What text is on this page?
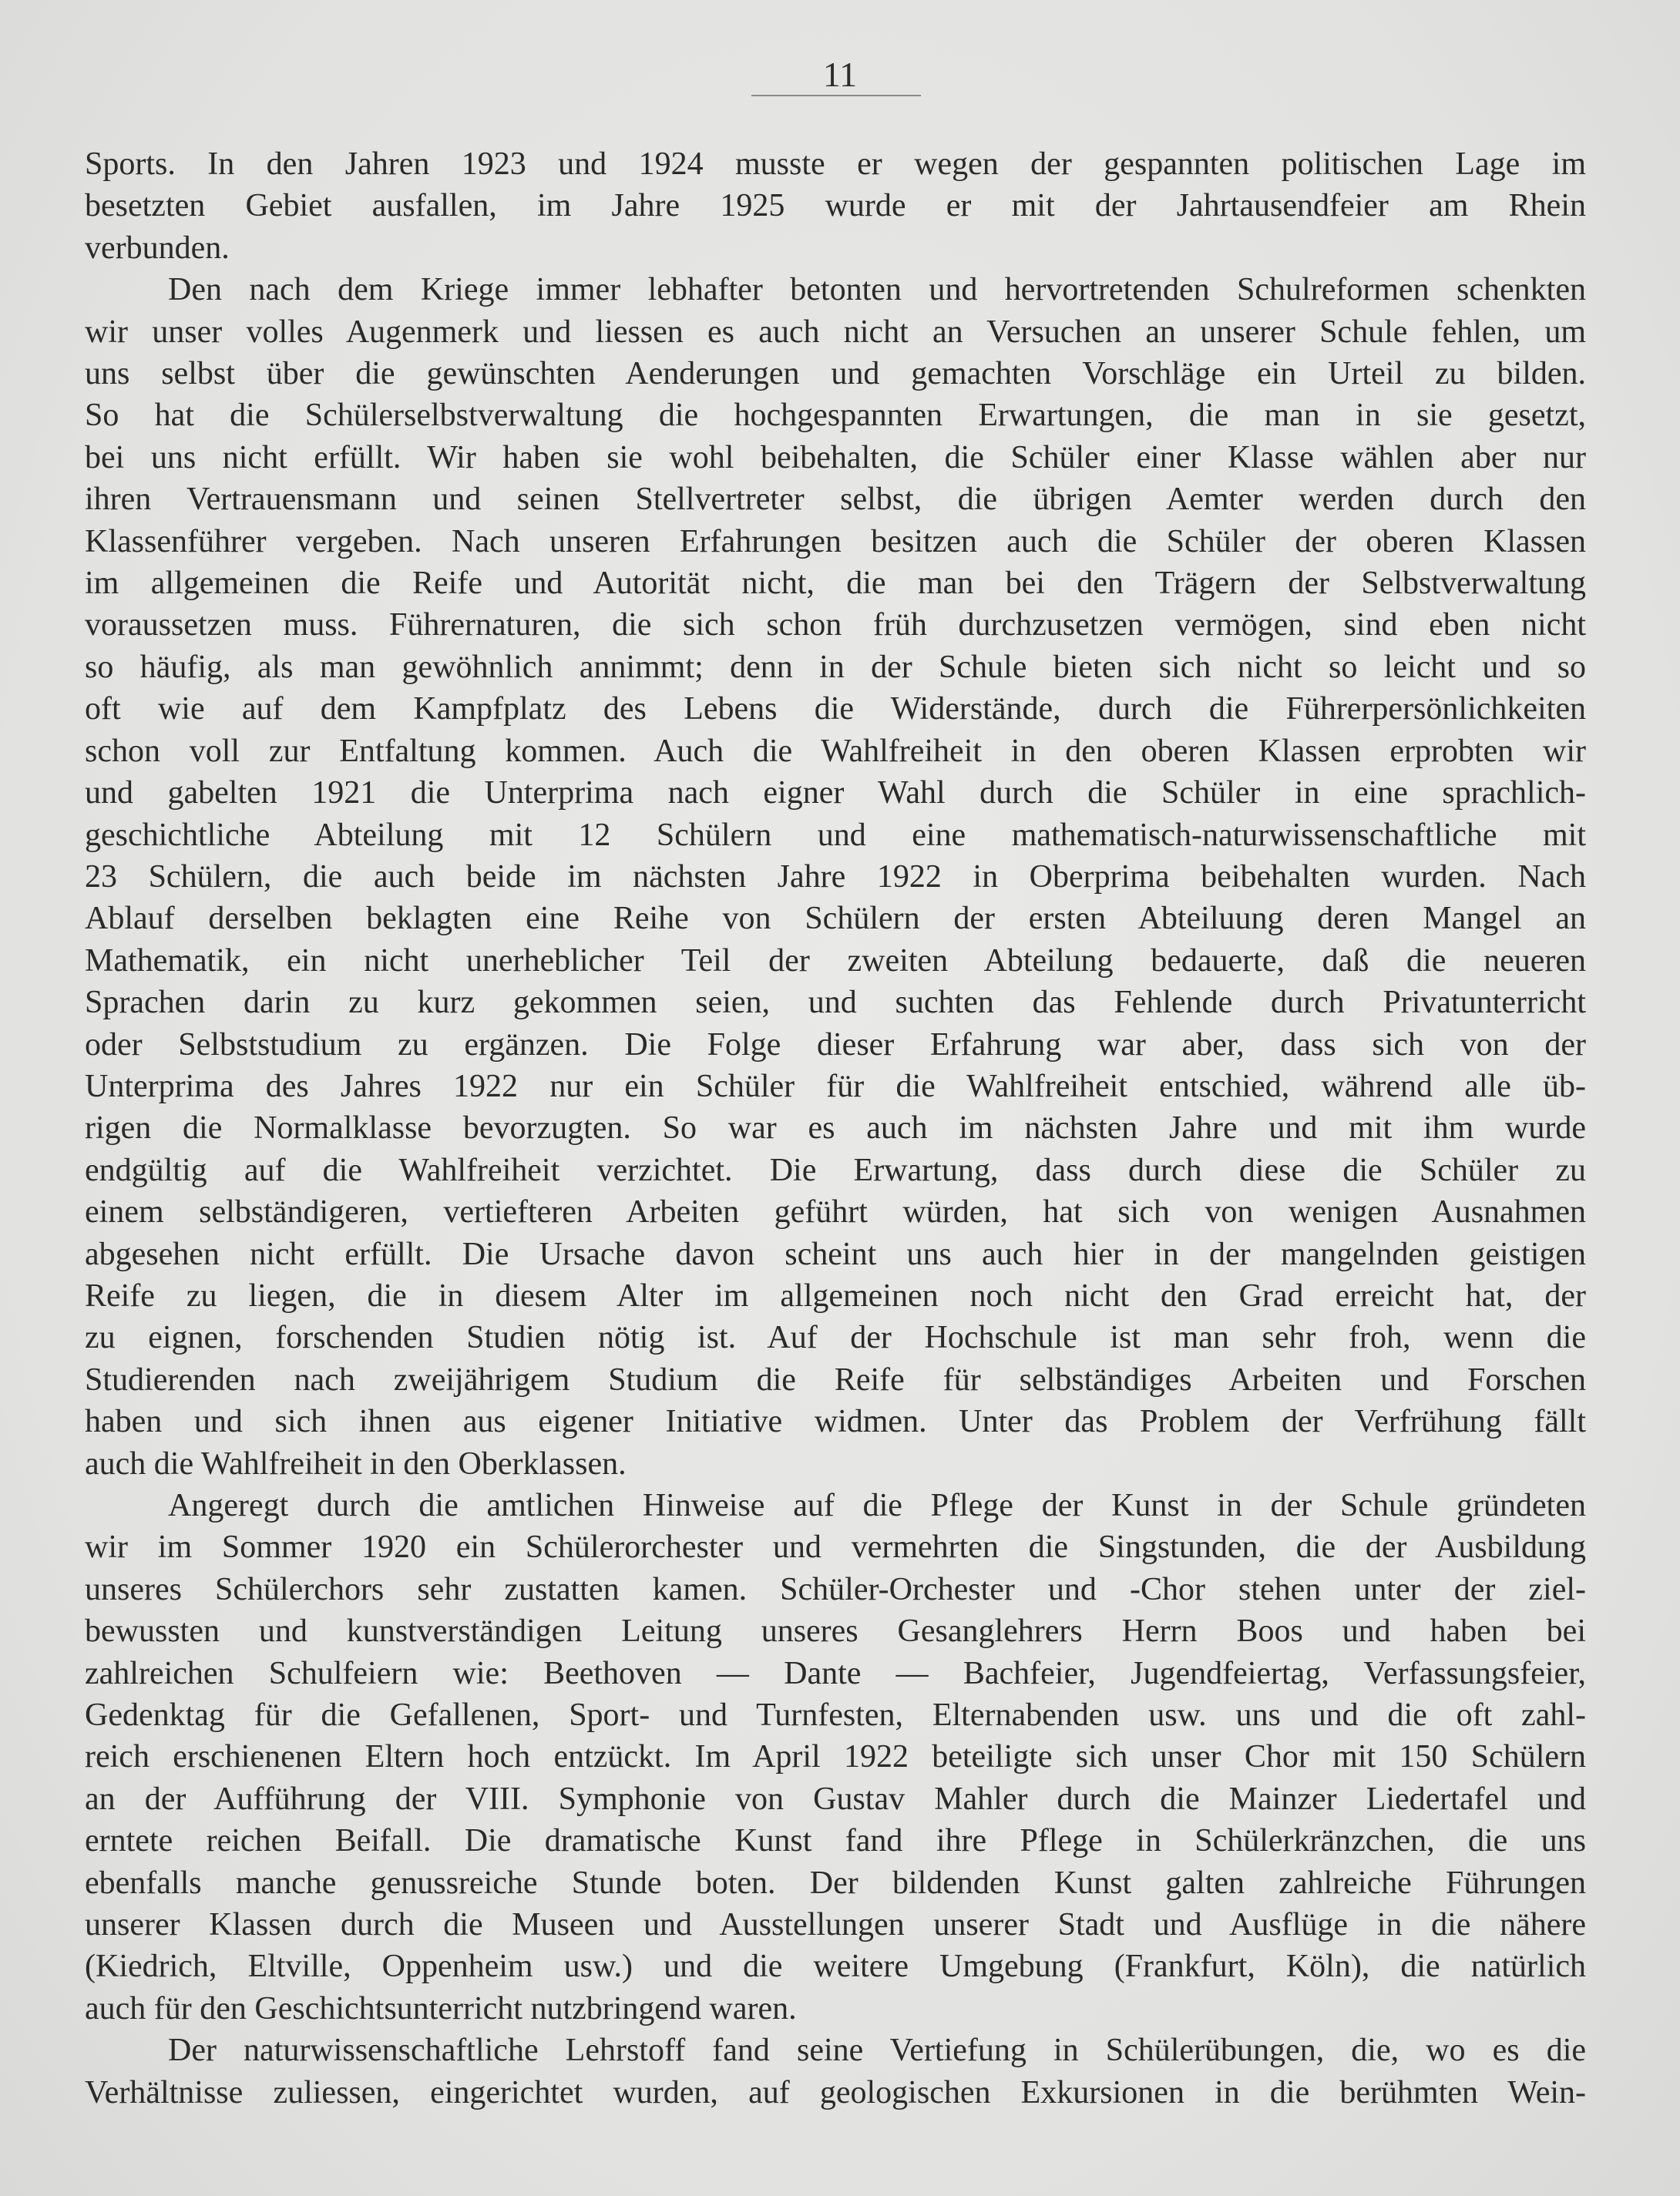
11

Sports. In den Jahren 1923 und 1924 musste er wegen der gespannten politischen Lage im

besetzten Gebiet ausfallen, im Jahre 1925 wurde er mit der Jahrtausendfeier am Rhein

verbunden.

Den nach dem Kriege immer lebhafter betonten und hervortretenden Schulreformen schenkten

wir unser volles Augenmerk und liessen es auch nicht an Versuchen an unserer Schule fehlen, um

uns selbst über die gewünschten Aenderungen und gemachten Vorschläge ein Urteil zu bilden.

So hat die Schülerselbstverwaltung die hochgespannten Erwartungen, die man in sie gesetzt,

bei uns nicht erfüllt. Wir haben sie wohl beibehalten, die Schüler einer Klasse wählen aber nur

ihren Vertrauensmann und seinen Stellvertreter selbst, die übrigen Aemter werden durch den

Klassenführer vergeben. Nach unseren Erfahrungen besitzen auch die Schüler der oberen Klassen

im allgemeinen die Reife und Autorität nicht, die man bei den Trägern der Selbstverwaltung

voraussetzen muss. Führernaturen, die sich schon früh durchzusetzen vermögen, sind eben nicht

so häufig, als man gewöhnlich annimmt; denn in der Schule bieten sich nicht so leicht und so

oft wie auf dem Kampfplatz des Lebens die Widerstände, durch die Führerpersönlichkeiten

schon voll zur Entfaltung kommen. Auch die Wahlfreiheit in den oberen Klassen erprobten wir

und gabelten 1921 die Unterprima nach eigner Wahl durch die Schüler in eine sprachlich-

geschichtliche Abteilung mit 12 Schülern und eine mathematisch-naturwissenschaftliche mit

23 Schülern, die auch beide im nächsten Jahre 1922 in Oberprima beibehalten wurden. Nach

Ablauf derselben beklagten eine Reihe von Schülern der ersten Abteiluung deren Mangel an

Mathematik, ein nicht unerheblicher Teil der zweiten Abteilung bedauerte, daß die neueren

Sprachen darin zu kurz gekommen seien, und suchten das Fehlende durch Privatunterricht

oder Selbststudium zu ergänzen. Die Folge dieser Erfahrung war aber, dass sich von der

Unterprima des Jahres 1922 nur ein Schüler für die Wahlfreiheit entschied, während alle üb-

rigen die Normalklasse bevorzugten. So war es auch im nächsten Jahre und mit ihm wurde

endgültig auf die Wahlfreiheit verzichtet. Die Erwartung, dass durch diese die Schüler zu

einem selbständigeren, vertiefteren Arbeiten geführt würden, hat sich von wenigen Ausnahmen

abgesehen nicht erfüllt. Die Ursache davon scheint uns auch hier in der mangelnden geistigen

Reife zu liegen, die in diesem Alter im allgemeinen noch nicht den Grad erreicht hat, der

zu eignen, forschenden Studien nötig ist. Auf der Hochschule ist man sehr froh, wenn die

Studierenden nach zweijährigem Studium die Reife für selbständiges Arbeiten und Forschen

haben und sich ihnen aus eigener Initiative widmen. Unter das Problem der Verfrühung fällt

auch die Wahlfreiheit in den Oberklassen.

Angeregt durch die amtlichen Hinweise auf die Pflege der Kunst in der Schule gründeten

wir im Sommer 1920 ein Schülerorchester und vermehrten die Singstunden, die der Ausbildung

unseres Schülerchors sehr zustatten kamen. Schüler-Orchester und -Chor stehen unter der ziel-

bewussten und kunstverständigen Leitung unseres Gesanglehrers Herrn Boos und haben bei

zahlreichen Schulfeiern wie: Beethoven — Dante — Bachfeier, Jugendfeiertag, Verfassungsfeier,

Gedenktag für die Gefallenen, Sport- und Turnfesten, Elternabenden usw. uns und die oft zahl-

reich erschienenen Eltern hoch entzückt. Im April 1922 beteiligte sich unser Chor mit 150 Schülern

an der Aufführung der VIII. Symphonie von Gustav Mahler durch die Mainzer Liedertafel und

erntete reichen Beifall. Die dramatische Kunst fand ihre Pflege in Schülerkränzchen, die uns

ebenfalls manche genussreiche Stunde boten. Der bildenden Kunst galten zahlreiche Führungen

unserer Klassen durch die Museen und Ausstellungen unserer Stadt und Ausflüge in die nähere

(Kiedrich, Eltville, Oppenheim usw.) und die weitere Umgebung (Frankfurt, Köln), die natürlich

auch für den Geschichtsunterricht nutzbringend waren.

Der naturwissenschaftliche Lehrstoff fand seine Vertiefung in Schülerübungen, die, wo es die

Verhältnisse zuliessen, eingerichtet wurden, auf geologischen Exkursionen in die berühmten Wein-
